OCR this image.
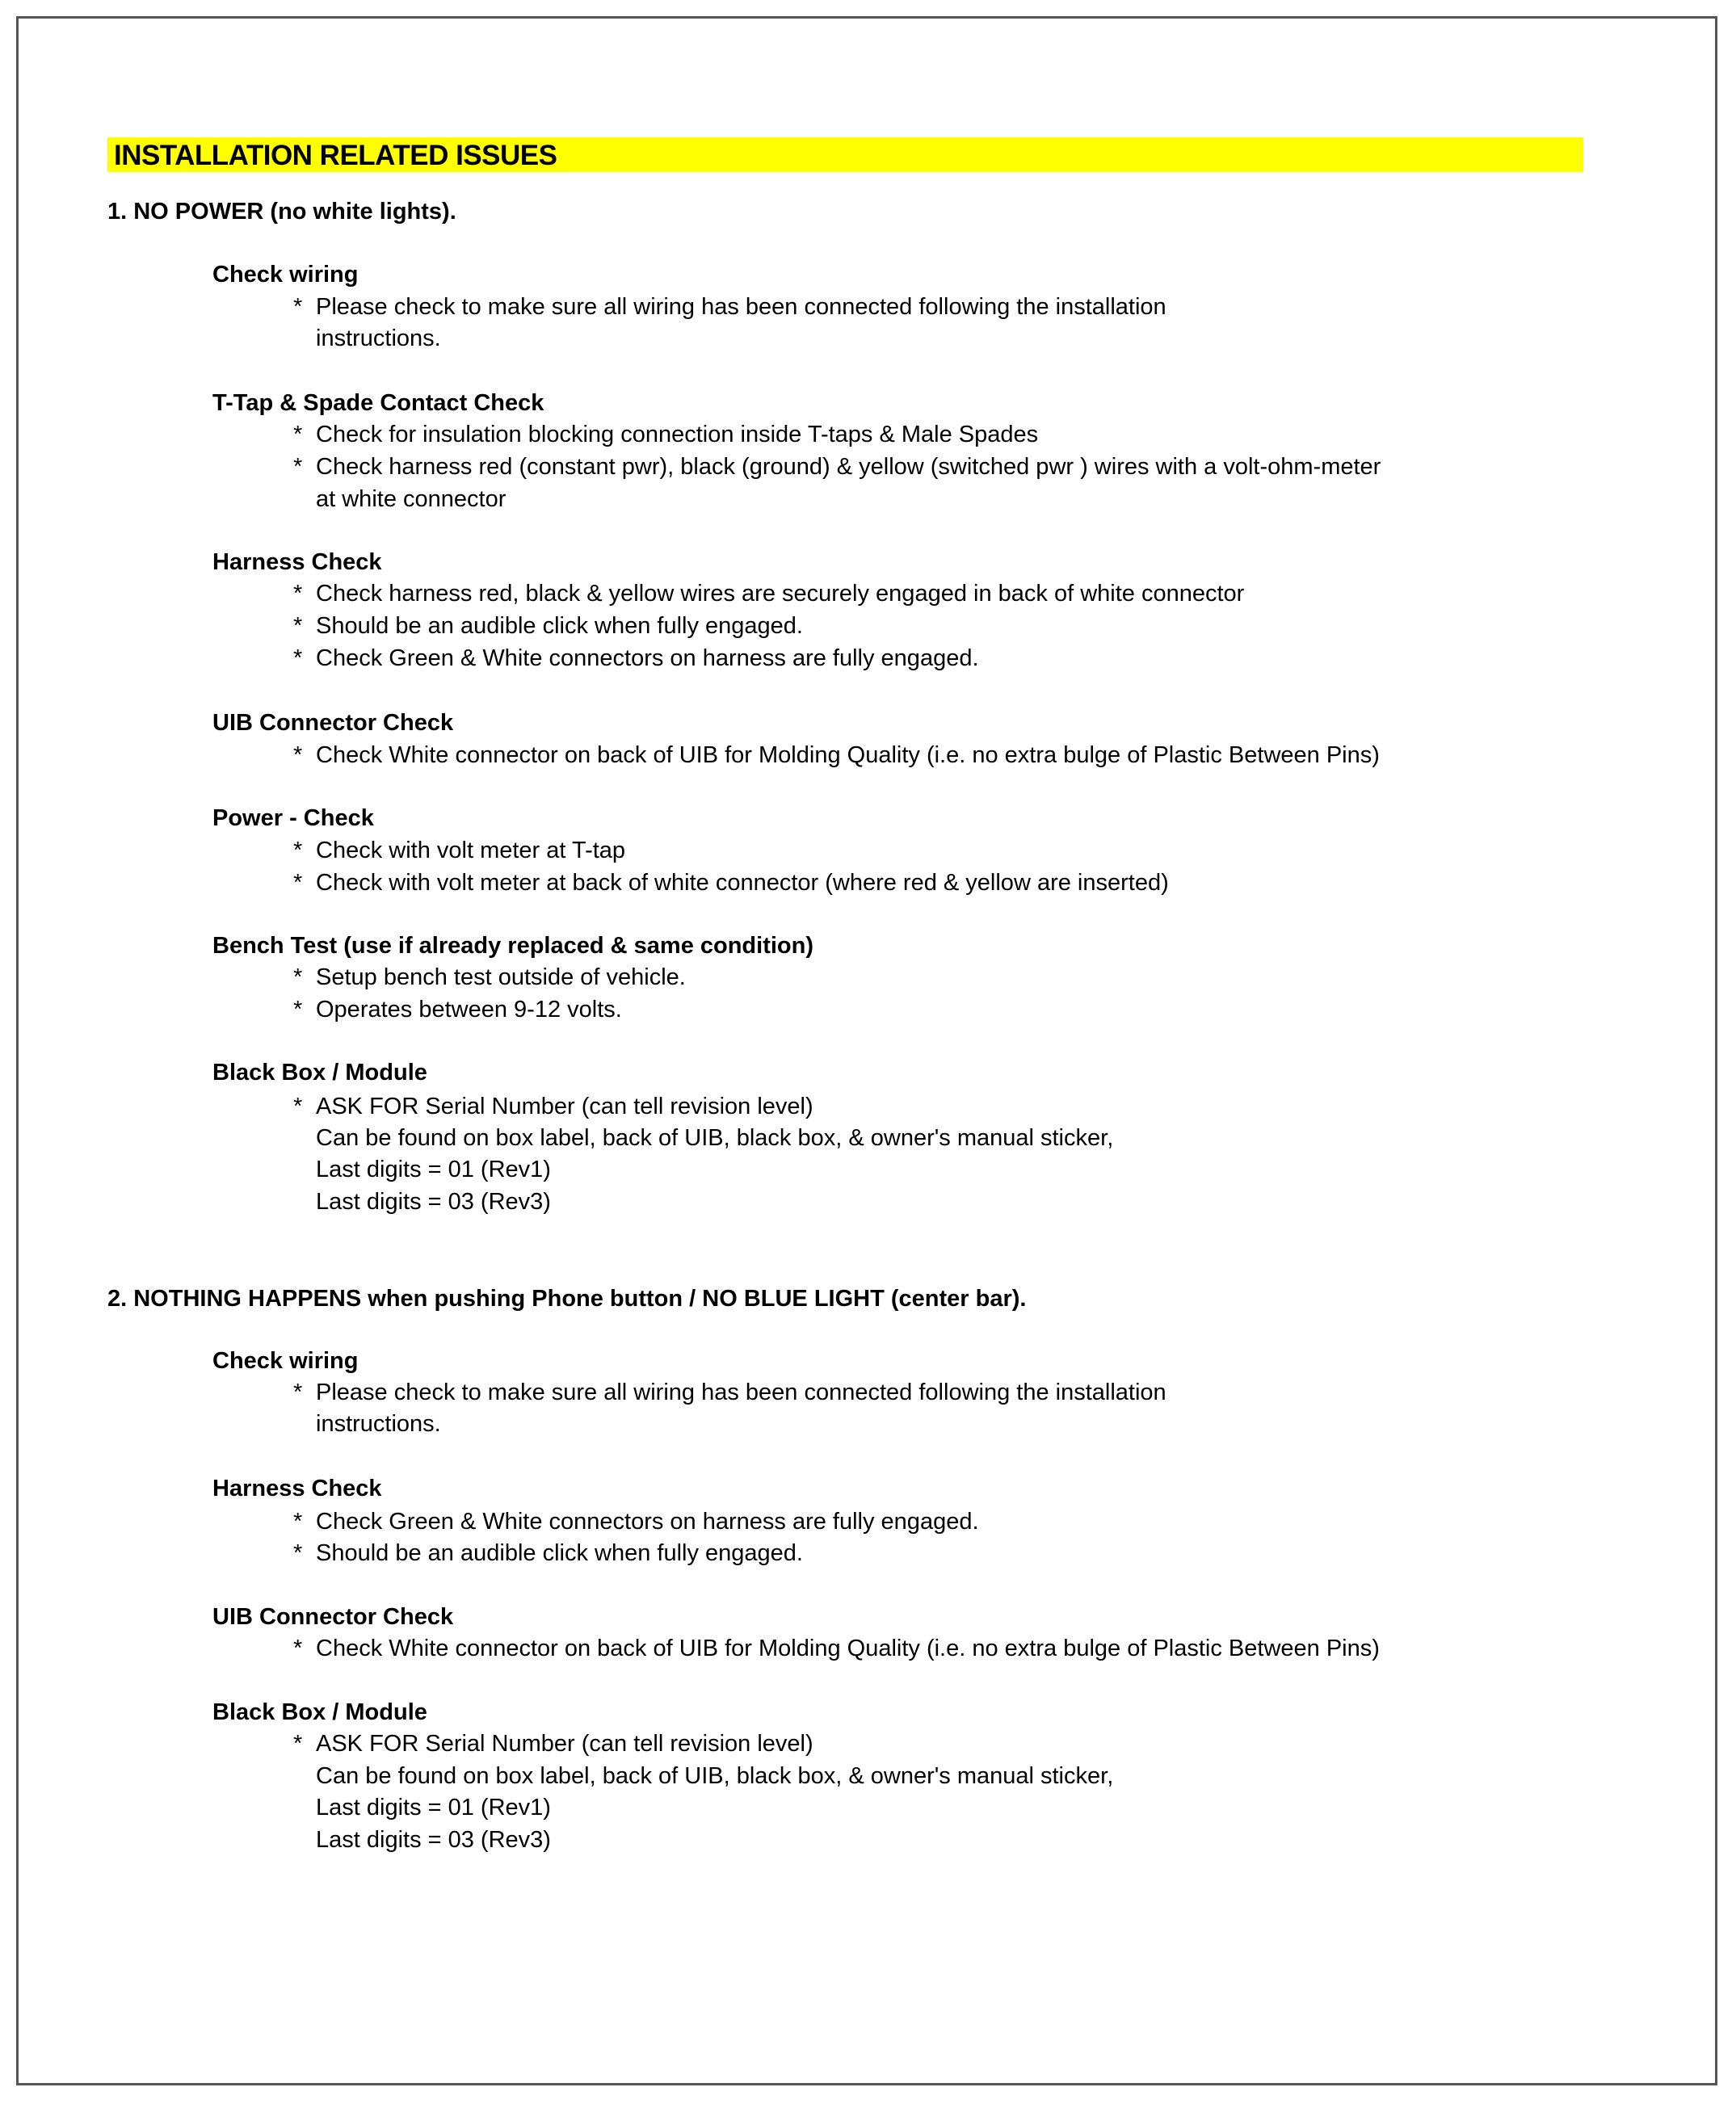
INSTALLATION RELATED ISSUES
1. NO POWER (no white lights).
Check wiring
* Please check to make sure all wiring has been connected following the installation
instructions.
T-Tap & Spade Contact Check
* Check for insulation blocking connection inside T-taps & Male Spades
* Check harness red (constant pwr), black (ground) & yellow (switched pwr ) wires with a volt-ohm-meter
at white connector
Harness Check
* Check harness red, black & yellow wires are securely engaged in back of white connector
* Should be an audible click when fully engaged.
* Check Green & White connectors on harness are fully engaged.
UIB Connector Check
* Check White connector on back of UIB for Molding Quality (i.e. no extra bulge of Plastic Between Pins)
Power - Check
* Check with volt meter at T-tap
* Check with volt meter at back of white connector (where red & yellow are inserted)
Bench Test (use if already replaced & same condition)
* Setup bench test outside of vehicle.
* Operates between 9-12 volts.
Black Box / Module
* ASK FOR Serial Number (can tell revision level)
Can be found on box label, back of UIB, black box, & owner's manual sticker,
Last digits = 01 (Rev1)
Last digits = 03 (Rev3)
2. NOTHING HAPPENS when pushing Phone button / NO BLUE LIGHT (center bar).
Check wiring
* Please check to make sure all wiring has been connected following the installation
instructions.
Harness Check
* Check Green & White connectors on harness are fully engaged.
* Should be an audible click when fully engaged.
UIB Connector Check
* Check White connector on back of UIB for Molding Quality (i.e. no extra bulge of Plastic Between Pins)
Black Box / Module
* ASK FOR Serial Number (can tell revision level)
Can be found on box label, back of UIB, black box, & owner's manual sticker,
Last digits = 01 (Rev1)
Last digits = 03 (Rev3)
